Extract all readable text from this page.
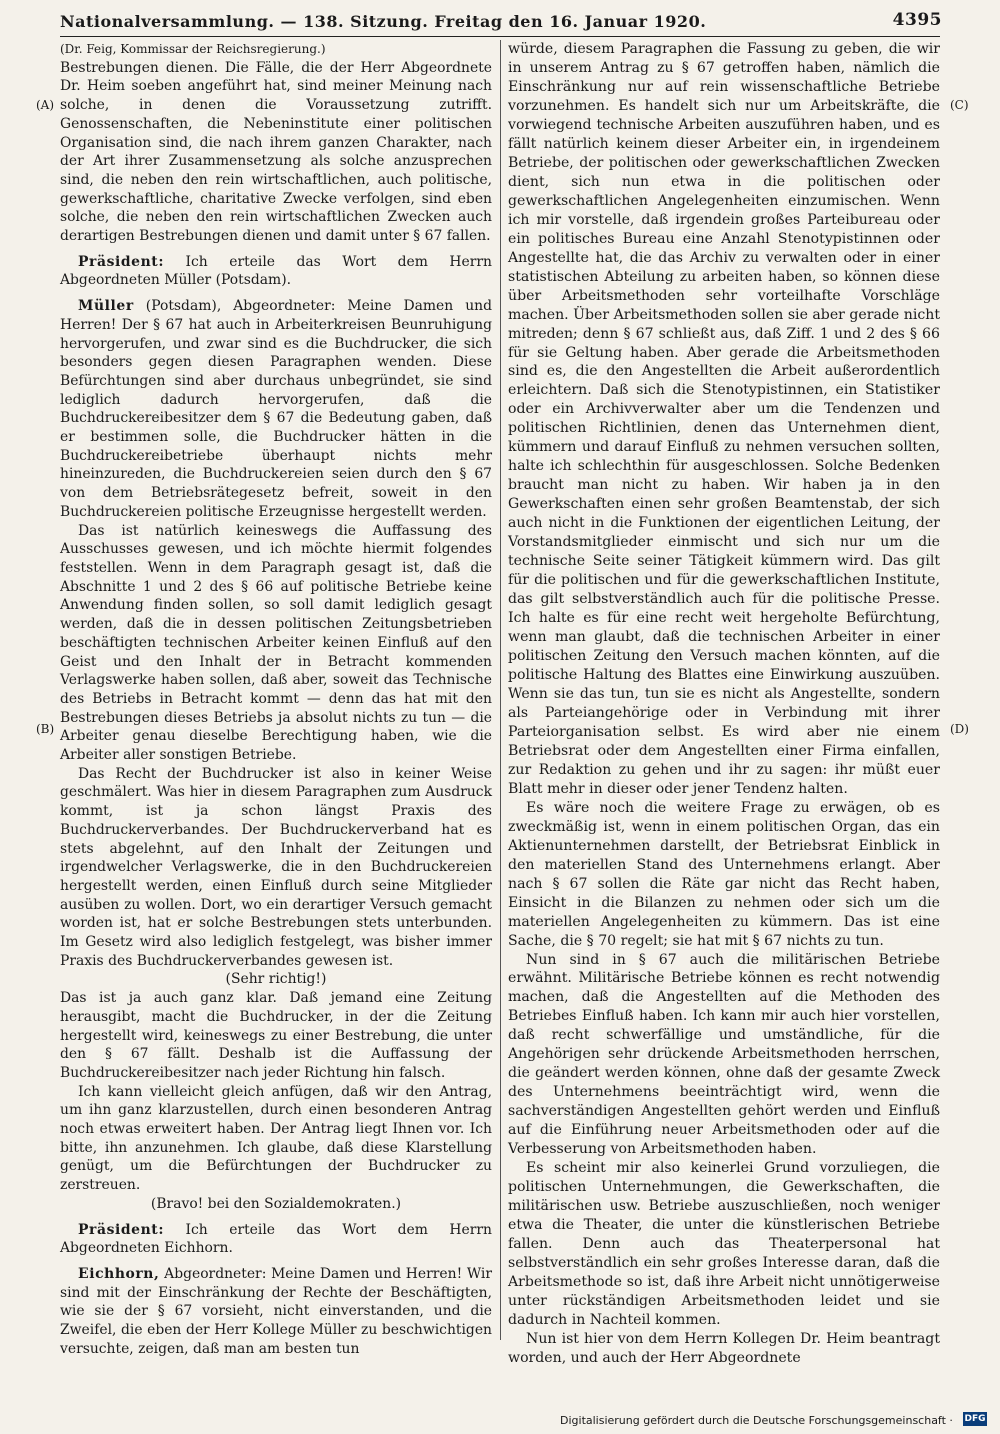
Nationalversammlung. — 138. Sitzung. Freitag den 16. Januar 1920.	4395
(A)
(B)
(C)
(D)

(Dr. Feig, Kommissar der Reichsregierung.)

Bestrebungen dienen. Die Fälle, die der Herr Abgeordnete Dr. Heim soeben angeführt hat, sind meiner Meinung nach solche, in denen die Voraussetzung zutrifft. Genossenschaften, die Nebeninstitute einer politischen Organisation sind, die nach ihrem ganzen Charakter, nach der Art ihrer Zusammensetzung als solche anzusprechen sind, die neben den rein wirtschaftlichen, auch politische, gewerkschaftliche, charitative Zwecke verfolgen, sind eben solche, die neben den rein wirtschaftlichen Zwecken auch derartigen Bestrebungen dienen und damit unter § 67 fallen.

Präsident: Ich erteile das Wort dem Herrn Abgeordneten Müller (Potsdam).

Müller (Potsdam), Abgeordneter: Meine Damen und Herren! Der § 67 hat auch in Arbeiterkreisen Beunruhigung hervorgerufen, und zwar sind es die Buchdrucker, die sich besonders gegen diesen Paragraphen wenden. Diese Befürchtungen sind aber durchaus unbegründet, sie sind lediglich dadurch hervorgerufen, daß die Buchdruckereibesitzer dem § 67 die Bedeutung gaben, daß er bestimmen solle, die Buchdrucker hätten in die Buchdruckereibetriebe überhaupt nichts mehr hineinzureden, die Buchdruckereien seien durch den § 67 von dem Betriebsrätegesetz befreit, soweit in den Buchdruckereien politische Erzeugnisse hergestellt werden.

Das ist natürlich keineswegs die Auffassung des Ausschusses gewesen, und ich möchte hiermit folgendes feststellen. Wenn in dem Paragraph gesagt ist, daß die Abschnitte 1 und 2 des § 66 auf politische Betriebe keine Anwendung finden sollen, so soll damit lediglich gesagt werden, daß die in dessen politischen Zeitungsbetrieben beschäftigten technischen Arbeiter keinen Einfluß auf den Geist und den Inhalt der in Betracht kommenden Verlagswerke haben sollen, daß aber, soweit das Technische des Betriebs in Betracht kommt — denn das hat mit den Bestrebungen dieses Betriebs ja absolut nichts zu tun — die Arbeiter genau dieselbe Berechtigung haben, wie die Arbeiter aller sonstigen Betriebe.

Das Recht der Buchdrucker ist also in keiner Weise geschmälert. Was hier in diesem Paragraphen zum Ausdruck kommt, ist ja schon längst Praxis des Buchdruckerverbandes. Der Buchdruckerverband hat es stets abgelehnt, auf den Inhalt der Zeitungen und irgendwelcher Verlagswerke, die in den Buchdruckereien hergestellt werden, einen Einfluß durch seine Mitglieder ausüben zu wollen. Dort, wo ein derartiger Versuch gemacht worden ist, hat er solche Bestrebungen stets unterbunden. Im Gesetz wird also lediglich festgelegt, was bisher immer Praxis des Buchdruckerverbandes gewesen ist.

(Sehr richtig!)

Das ist ja auch ganz klar. Daß jemand eine Zeitung herausgibt, macht die Buchdrucker, in der die Zeitung hergestellt wird, keineswegs zu einer Bestrebung, die unter den § 67 fällt. Deshalb ist die Auffassung der Buchdruckereibesitzer nach jeder Richtung hin falsch.

Ich kann vielleicht gleich anfügen, daß wir den Antrag, um ihn ganz klarzustellen, durch einen besonderen Antrag noch etwas erweitert haben. Der Antrag liegt Ihnen vor. Ich bitte, ihn anzunehmen. Ich glaube, daß diese Klarstellung genügt, um die Befürchtungen der Buchdrucker zu zerstreuen.

(Bravo! bei den Sozialdemokraten.)

Präsident: Ich erteile das Wort dem Herrn Abgeordneten Eichhorn.

Eichhorn, Abgeordneter: Meine Damen und Herren! Wir sind mit der Einschränkung der Rechte der Beschäftigten, wie sie der § 67 vorsieht, nicht einverstanden, und die Zweifel, die eben der Herr Kollege Müller zu beschwichtigen versuchte, zeigen, daß man am besten tun

würde, diesem Paragraphen die Fassung zu geben, die wir in unserem Antrag zu § 67 getroffen haben, nämlich die Einschränkung nur auf rein wissenschaftliche Betriebe vorzunehmen. Es handelt sich nur um Arbeitskräfte, die vorwiegend technische Arbeiten auszuführen haben, und es fällt natürlich keinem dieser Arbeiter ein, in irgendeinem Betriebe, der politischen oder gewerkschaftlichen Zwecken dient, sich nun etwa in die politischen oder gewerkschaftlichen Angelegenheiten einzumischen. Wenn ich mir vorstelle, daß irgendein großes Parteibureau oder ein politisches Bureau eine Anzahl Stenotypistinnen oder Angestellte hat, die das Archiv zu verwalten oder in einer statistischen Abteilung zu arbeiten haben, so können diese über Arbeitsmethoden sehr vorteilhafte Vorschläge machen. Über Arbeitsmethoden sollen sie aber gerade nicht mitreden; denn § 67 schließt aus, daß Ziff. 1 und 2 des § 66 für sie Geltung haben. Aber gerade die Arbeitsmethoden sind es, die den Angestellten die Arbeit außerordentlich erleichtern. Daß sich die Stenotypistinnen, ein Statistiker oder ein Archivverwalter aber um die Tendenzen und politischen Richtlinien, denen das Unternehmen dient, kümmern und darauf Einfluß zu nehmen versuchen sollten, halte ich schlechthin für ausgeschlossen. Solche Bedenken braucht man nicht zu haben. Wir haben ja in den Gewerkschaften einen sehr großen Beamtenstab, der sich auch nicht in die Funktionen der eigentlichen Leitung, der Vorstandsmitglieder einmischt und sich nur um die technische Seite seiner Tätigkeit kümmern wird. Das gilt für die politischen und für die gewerkschaftlichen Institute, das gilt selbstverständlich auch für die politische Presse. Ich halte es für eine recht weit hergeholte Befürchtung, wenn man glaubt, daß die technischen Arbeiter in einer politischen Zeitung den Versuch machen könnten, auf die politische Haltung des Blattes eine Einwirkung auszuüben. Wenn sie das tun, tun sie es nicht als Angestellte, sondern als Parteiangehörige oder in Verbindung mit ihrer Parteiorganisation selbst. Es wird aber nie einem Betriebsrat oder dem Angestellten einer Firma einfallen, zur Redaktion zu gehen und ihr zu sagen: ihr müßt euer Blatt mehr in dieser oder jener Tendenz halten.

Es wäre noch die weitere Frage zu erwägen, ob es zweckmäßig ist, wenn in einem politischen Organ, das ein Aktienunternehmen darstellt, der Betriebsrat Einblick in den materiellen Stand des Unternehmens erlangt. Aber nach § 67 sollen die Räte gar nicht das Recht haben, Einsicht in die Bilanzen zu nehmen oder sich um die materiellen Angelegenheiten zu kümmern. Das ist eine Sache, die § 70 regelt; sie hat mit § 67 nichts zu tun.

Nun sind in § 67 auch die militärischen Betriebe erwähnt. Militärische Betriebe können es recht notwendig machen, daß die Angestellten auf die Methoden des Betriebes Einfluß haben. Ich kann mir auch hier vorstellen, daß recht schwerfällige und umständliche, für die Angehörigen sehr drückende Arbeitsmethoden herrschen, die geändert werden können, ohne daß der gesamte Zweck des Unternehmens beeinträchtigt wird, wenn die sachverständigen Angestellten gehört werden und Einfluß auf die Einführung neuer Arbeitsmethoden oder auf die Verbesserung von Arbeitsmethoden haben.

Es scheint mir also keinerlei Grund vorzuliegen, die politischen Unternehmungen, die Gewerkschaften, die militärischen usw. Betriebe auszuschließen, noch weniger etwa die Theater, die unter die künstlerischen Betriebe fallen. Denn auch das Theaterpersonal hat selbstverständlich ein sehr großes Interesse daran, daß die Arbeitsmethode so ist, daß ihre Arbeit nicht unnötigerweise unter rückständigen Arbeitsmethoden leidet und sie dadurch in Nachteil kommen.

Nun ist hier von dem Herrn Kollegen Dr. Heim beantragt worden, und auch der Herr Abgeordnete

Digitalisierung gefördert durch die Deutsche Forschungsgemeinschaft · DFG
